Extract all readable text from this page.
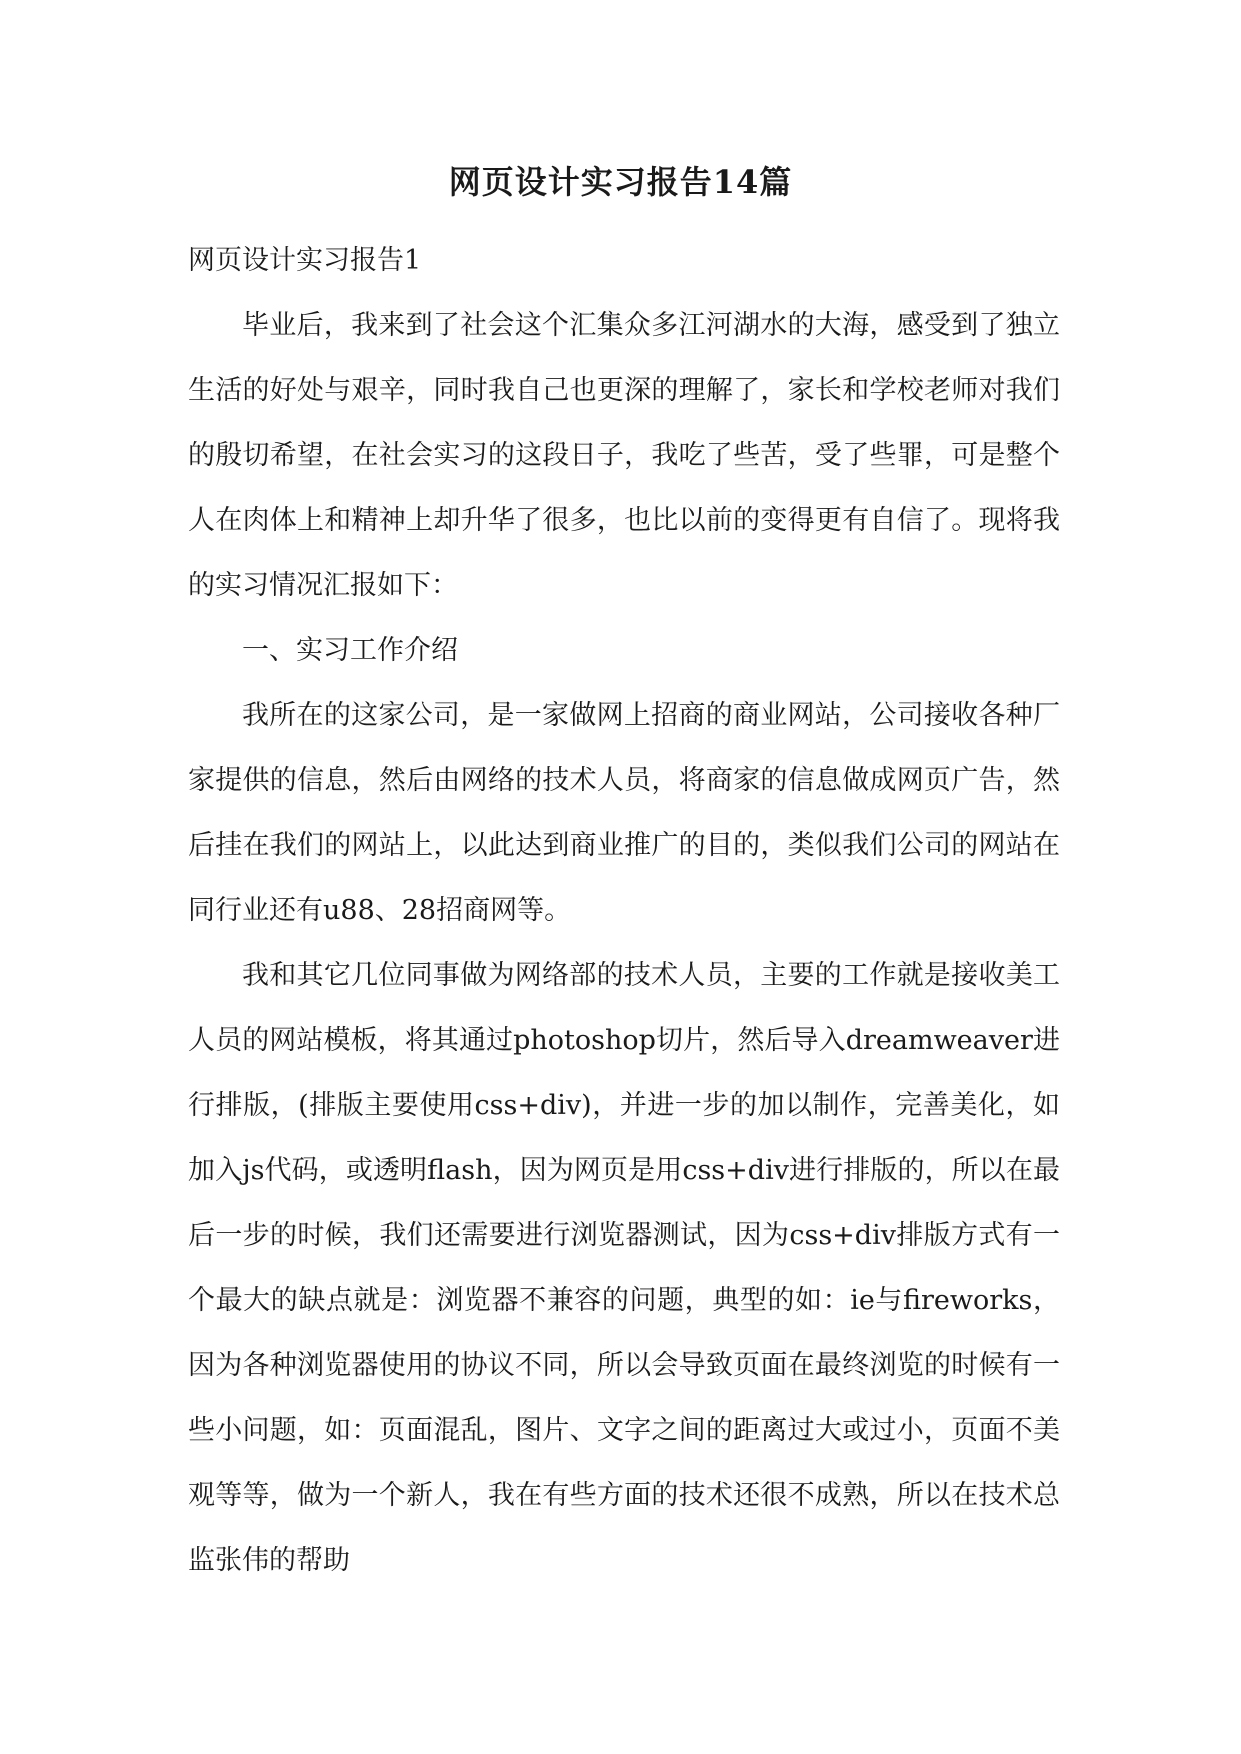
网页设计实习报告14篇

网页设计实习报告1

毕业后，我来到了社会这个汇集众多江河湖水的大海，感受到了独立生活的好处与艰辛，同时我自己也更深的理解了，家长和学校老师对我们的殷切希望，在社会实习的这段日子，我吃了些苦，受了些罪，可是整个人在肉体上和精神上却升华了很多，也比以前的变得更有自信了。现将我的实习情况汇报如下：

一、实习工作介绍

我所在的这家公司，是一家做网上招商的商业网站，公司接收各种厂家提供的信息，然后由网络的技术人员，将商家的信息做成网页广告，然后挂在我们的网站上，以此达到商业推广的目的，类似我们公司的网站在同行业还有u88、28招商网等。

我和其它几位同事做为网络部的技术人员，主要的工作就是接收美工人员的网站模板，将其通过photoshop切片，然后导入dreamweaver进行排版，(排版主要使用css+div)，并进一步的加以制作，完善美化，如加入js代码，或透明flash，因为网页是用css+div进行排版的，所以在最后一步的时候，我们还需要进行浏览器测试，因为css+div排版方式有一个最大的缺点就是：浏览器不兼容的问题，典型的如：ie与fireworks，因为各种浏览器使用的协议不同，所以会导致页面在最终浏览的时候有一些小问题，如：页面混乱，图片、文字之间的距离过大或过小，页面不美观等等，做为一个新人，我在有些方面的技术还很不成熟，所以在技术总监张伟的帮助
